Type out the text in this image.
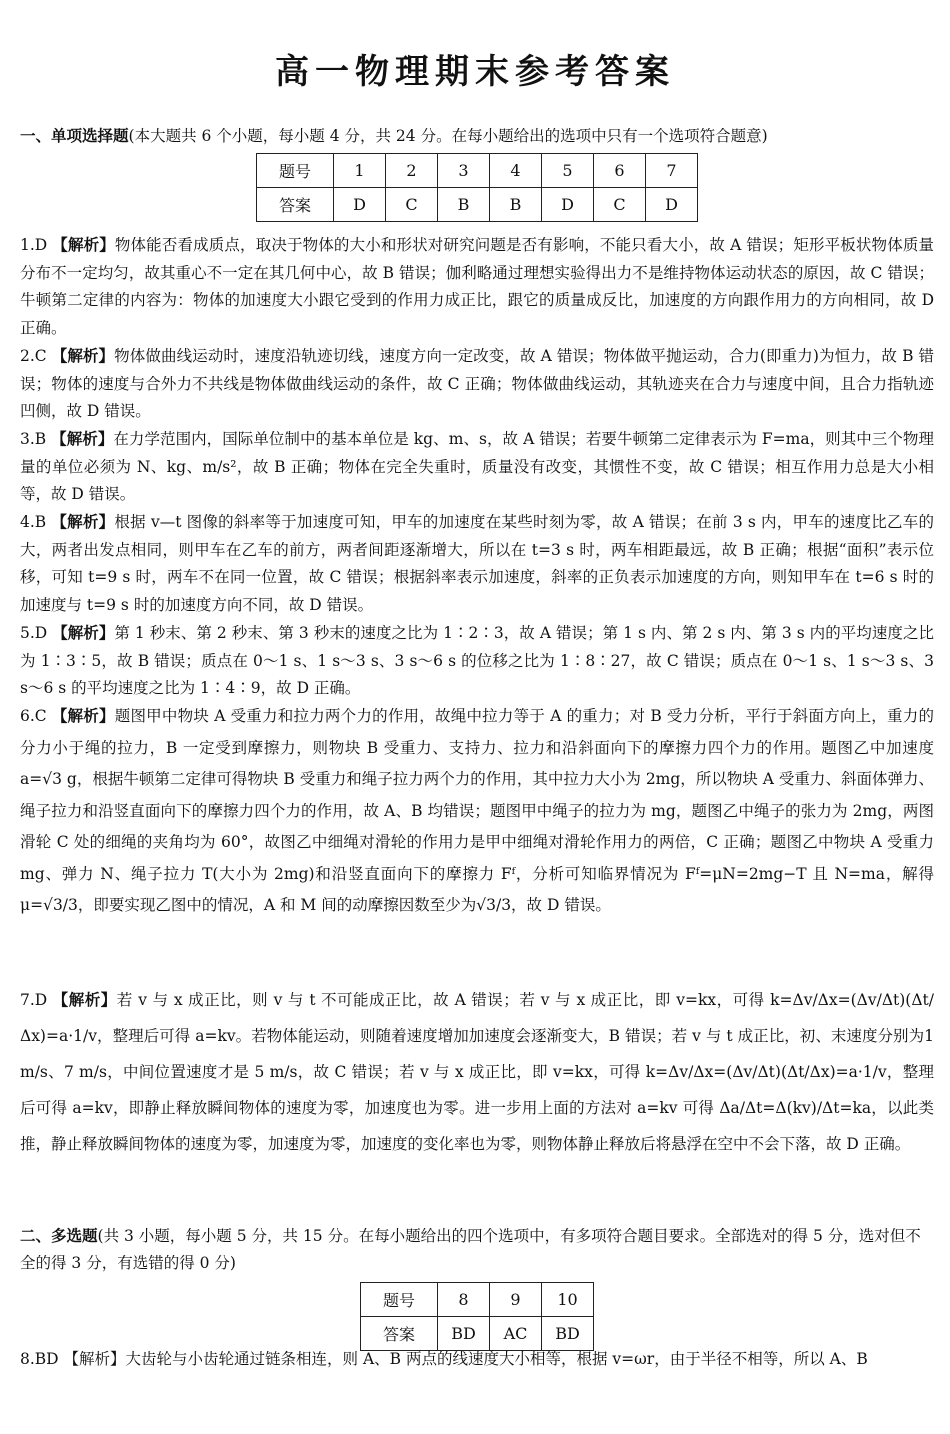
高一物理期末参考答案
一、单项选择题(本大题共 6 个小题，每小题 4 分，共 24 分。在每小题给出的选项中只有一个选项符合题意)
题号	1	2	3	4	5	6	7
答案	D	C	B	B	D	C	D
1.D 【解析】物体能否看成质点，取决于物体的大小和形状对研究问题是否有影响，不能只看大小，故 A 错误；矩形平板状物体质量分布不一定均匀，故其重心不一定在其几何中心，故 B 错误；伽利略通过理想实验得出力不是维持物体运动状态的原因，故 C 错误；牛顿第二定律的内容为：物体的加速度大小跟它受到的作用力成正比，跟它的质量成反比，加速度的方向跟作用力的方向相同，故 D 正确。
2.C 【解析】物体做曲线运动时，速度沿轨迹切线，速度方向一定改变，故 A 错误；物体做平抛运动，合力(即重力)为恒力，故 B 错误；物体的速度与合外力不共线是物体做曲线运动的条件，故 C 正确；物体做曲线运动，其轨迹夹在合力与速度中间，且合力指轨迹凹侧，故 D 错误。
3.B 【解析】在力学范围内，国际单位制中的基本单位是 kg、m、s，故 A 错误；若要牛顿第二定律表示为 F=ma，则其中三个物理量的单位必须为 N、kg、m/s²，故 B 正确；物体在完全失重时，质量没有改变，其惯性不变，故 C 错误；相互作用力总是大小相等，故 D 错误。
4.B 【解析】根据 v—t 图像的斜率等于加速度可知，甲车的加速度在某些时刻为零，故 A 错误；在前 3 s 内，甲车的速度比乙车的大，两者出发点相同，则甲车在乙车的前方，两者间距逐渐增大，所以在 t=3 s 时，两车相距最远，故 B 正确；根据“面积”表示位移，可知 t=9 s 时，两车不在同一位置，故 C 错误；根据斜率表示加速度，斜率的正负表示加速度的方向，则知甲车在 t=6 s 时的加速度与 t=9 s 时的加速度方向不同，故 D 错误。
5.D 【解析】第 1 秒末、第 2 秒末、第 3 秒末的速度之比为 1∶2∶3，故 A 错误；第 1 s 内、第 2 s 内、第 3 s 内的平均速度之比为 1∶3∶5，故 B 错误；质点在 0～1 s、1 s～3 s、3 s～6 s 的位移之比为 1∶8∶27，故 C 错误；质点在 0～1 s、1 s～3 s、3 s～6 s 的平均速度之比为 1∶4∶9，故 D 正确。
6.C 【解析】题图甲中物块 A 受重力和拉力两个力的作用，故绳中拉力等于 A 的重力；对 B 受力分析，平行于斜面方向上，重力的分力小于绳的拉力，B 一定受到摩擦力，则物块 B 受重力、支持力、拉力和沿斜面向下的摩擦力四个力的作用。题图乙中加速度 a=√3 g，根据牛顿第二定律可得物块 B 受重力和绳子拉力两个力的作用，其中拉力大小为 2mg，所以物块 A 受重力、斜面体弹力、绳子拉力和沿竖直面向下的摩擦力四个力的作用，故 A、B 均错误；题图甲中绳子的拉力为 mg，题图乙中绳子的张力为 2mg，两图滑轮 C 处的细绳的夹角均为 60°，故图乙中细绳对滑轮的作用力是甲中细绳对滑轮作用力的两倍，C 正确；题图乙中物块 A 受重力 mg、弹力 N、绳子拉力 T(大小为 2mg)和沿竖直面向下的摩擦力 Fᶠ，分析可知临界情况为 Fᶠ=μN=2mg−T 且 N=ma，解得 μ=√3/3，即要实现乙图中的情况，A 和 M 间的动摩擦因数至少为√3/3，故 D 错误。
7.D 【解析】若 v 与 x 成正比，则 v 与 t 不可能成正比，故 A 错误；若 v 与 x 成正比，即 v=kx，可得 k=Δv/Δx=(Δv/Δt)(Δt/Δx)=a·1/v，整理后可得 a=kv。若物体能运动，则随着速度增加加速度会逐渐变大，B 错误；若 v 与 t 成正比，初、末速度分别为1 m/s、7 m/s，中间位置速度才是 5 m/s，故 C 错误；若 v 与 x 成正比，即 v=kx，可得 k=Δv/Δx=(Δv/Δt)(Δt/Δx)=a·1/v，整理后可得 a=kv，即静止释放瞬间物体的速度为零，加速度也为零。进一步用上面的方法对 a=kv 可得 Δa/Δt=Δ(kv)/Δt=ka，以此类推，静止释放瞬间物体的速度为零，加速度为零，加速度的变化率也为零，则物体静止释放后将悬浮在空中不会下落，故 D 正确。
二、多选题(共 3 小题，每小题 5 分，共 15 分。在每小题给出的四个选项中，有多项符合题目要求。全部选对的得 5 分，选对但不全的得 3 分，有选错的得 0 分)
题号	8	9	10
答案	BD	AC	BD
8.BD 【解析】大齿轮与小齿轮通过链条相连，则 A、B 两点的线速度大小相等，根据 v=ωr，由于半径不相等，所以 A、B
